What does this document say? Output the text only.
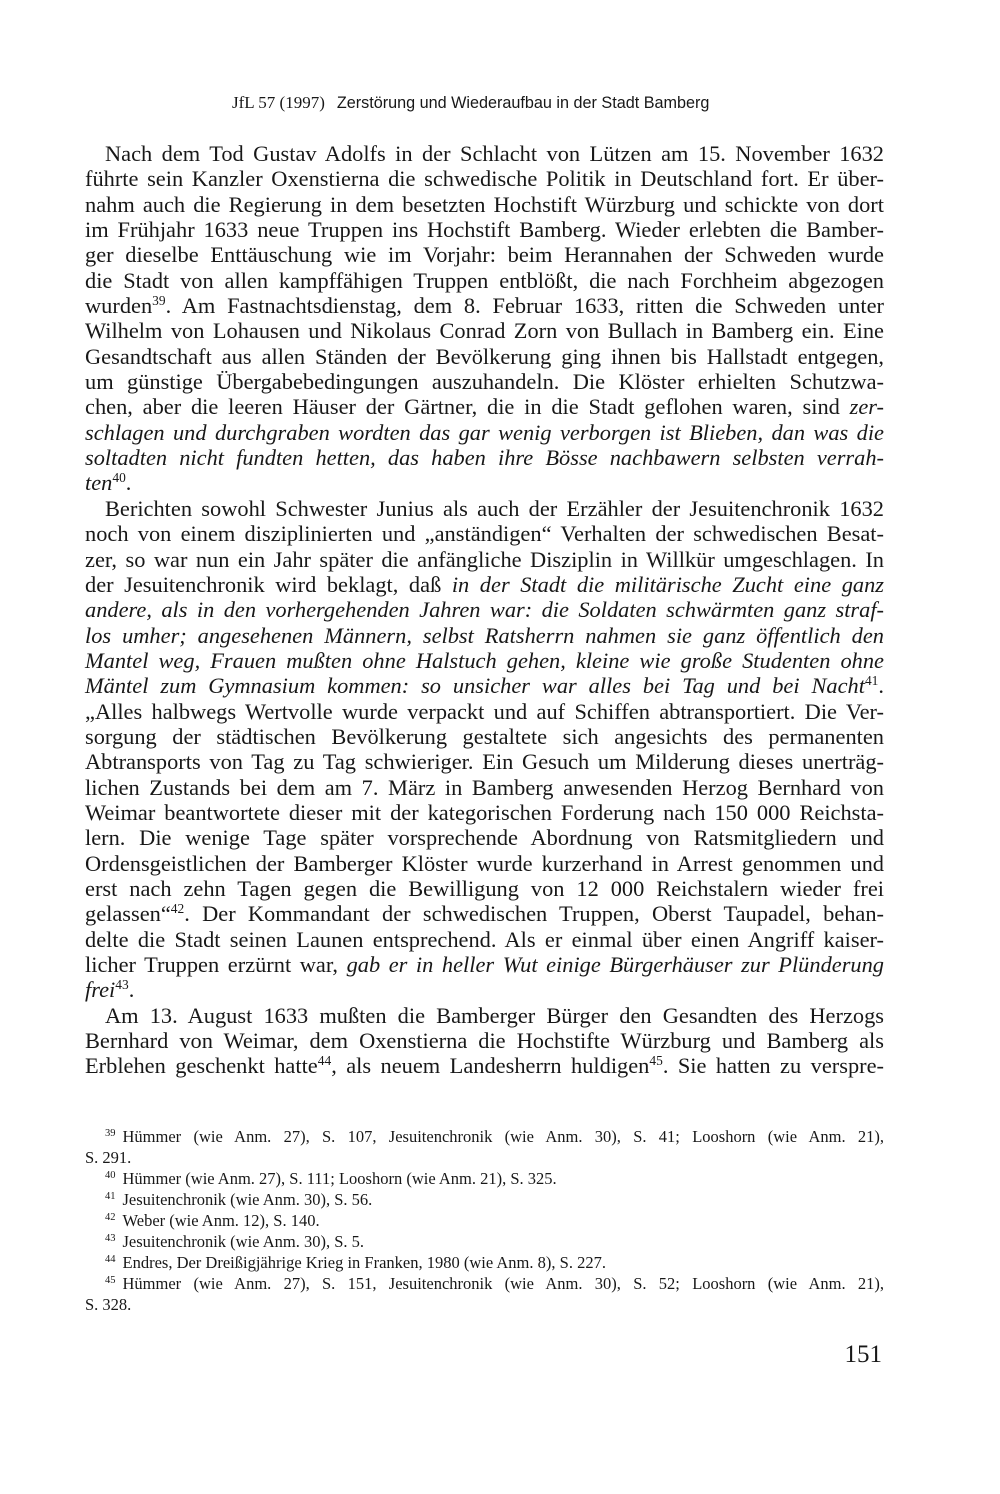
JfL 57 (1997) Zerstörung und Wiederaufbau in der Stadt Bamberg
Nach dem Tod Gustav Adolfs in der Schlacht von Lützen am 15. November 1632
führte sein Kanzler Oxenstierna die schwedische Politik in Deutschland fort. Er über-
nahm auch die Regierung in dem besetzten Hochstift Würzburg und schickte von dort
im Frühjahr 1633 neue Truppen ins Hochstift Bamberg. Wieder erlebten die Bamber-
ger dieselbe Enttäuschung wie im Vorjahr: beim Herannahen der Schweden wurde
die Stadt von allen kampffähigen Truppen entblößt, die nach Forchheim abgezogen
wurden$^{39}$. Am Fastnachtsdienstag, dem 8. Februar 1633, ritten die Schweden unter
Wilhelm von Lohausen und Nikolaus Conrad Zorn von Bullach in Bamberg ein. Eine
Gesandtschaft aus allen Ständen der Bevölkerung ging ihnen bis Hallstadt entgegen,
um günstige Übergabebedingungen auszuhandeln. Die Klöster erhielten Schutzwa-
chen, aber die leeren Häuser der Gärtner, die in die Stadt geflohen waren, sind zer-
schlagen und durchgraben wordten das gar wenig verborgen ist Blieben, dan was die
soltadten nicht fundten hetten, das haben ihre Bösse nachbawern selbsten verrah-
ten$^{40}$.
Berichten sowohl Schwester Junius als auch der Erzähler der Jesuitenchronik 1632
noch von einem disziplinierten und „anständigen“ Verhalten der schwedischen Besat-
zer, so war nun ein Jahr später die anfängliche Disziplin in Willkür umgeschlagen. In
der Jesuitenchronik wird beklagt, daß in der Stadt die militärische Zucht eine ganz
andere, als in den vorhergehenden Jahren war: die Soldaten schwärmten ganz straf-
los umher; angesehenen Männern, selbst Ratsherrn nahmen sie ganz öffentlich den
Mantel weg, Frauen mußten ohne Halstuch gehen, kleine wie große Studenten ohne
Mäntel zum Gymnasium kommen: so unsicher war alles bei Tag und bei Nacht$^{41}$.
„Alles halbwegs Wertvolle wurde verpackt und auf Schiffen abtransportiert. Die Ver-
sorgung der städtischen Bevölkerung gestaltete sich angesichts des permanenten
Abtransports von Tag zu Tag schwieriger. Ein Gesuch um Milderung dieses unerträg-
lichen Zustands bei dem am 7. März in Bamberg anwesenden Herzog Bernhard von
Weimar beantwortete dieser mit der kategorischen Forderung nach 150 000 Reichsta-
lern. Die wenige Tage später vorsprechende Abordnung von Ratsmitgliedern und
Ordensgeistlichen der Bamberger Klöster wurde kurzerhand in Arrest genommen und
erst nach zehn Tagen gegen die Bewilligung von 12 000 Reichstalern wieder frei
gelassen“$^{42}$. Der Kommandant der schwedischen Truppen, Oberst Taupadel, behan-
delte die Stadt seinen Launen entsprechend. Als er einmal über einen Angriff kaiser-
licher Truppen erzürnt war, gab er in heller Wut einige Bürgerhäuser zur Plünderung
frei$^{43}$.
Am 13. August 1633 mußten die Bamberger Bürger den Gesandten des Herzogs
Bernhard von Weimar, dem Oxenstierna die Hochstifte Würzburg und Bamberg als
Erblehen geschenkt hatte$^{44}$, als neuem Landesherrn huldigen$^{45}$. Sie hatten zu verspre-
$^{39}$ Hümmer (wie Anm. 27), S. 107, Jesuitenchronik (wie Anm. 30), S. 41; Looshorn (wie Anm. 21),
S. 291.
$^{40}$ Hümmer (wie Anm. 27), S. 111; Looshorn (wie Anm. 21), S. 325.
$^{41}$ Jesuitenchronik (wie Anm. 30), S. 56.
$^{42}$ Weber (wie Anm. 12), S. 140.
$^{43}$ Jesuitenchronik (wie Anm. 30), S. 5.
$^{44}$ Endres, Der Dreißigjährige Krieg in Franken, 1980 (wie Anm. 8), S. 227.
$^{45}$ Hümmer (wie Anm. 27), S. 151, Jesuitenchronik (wie Anm. 30), S. 52; Looshorn (wie Anm. 21),
S. 328.
151
